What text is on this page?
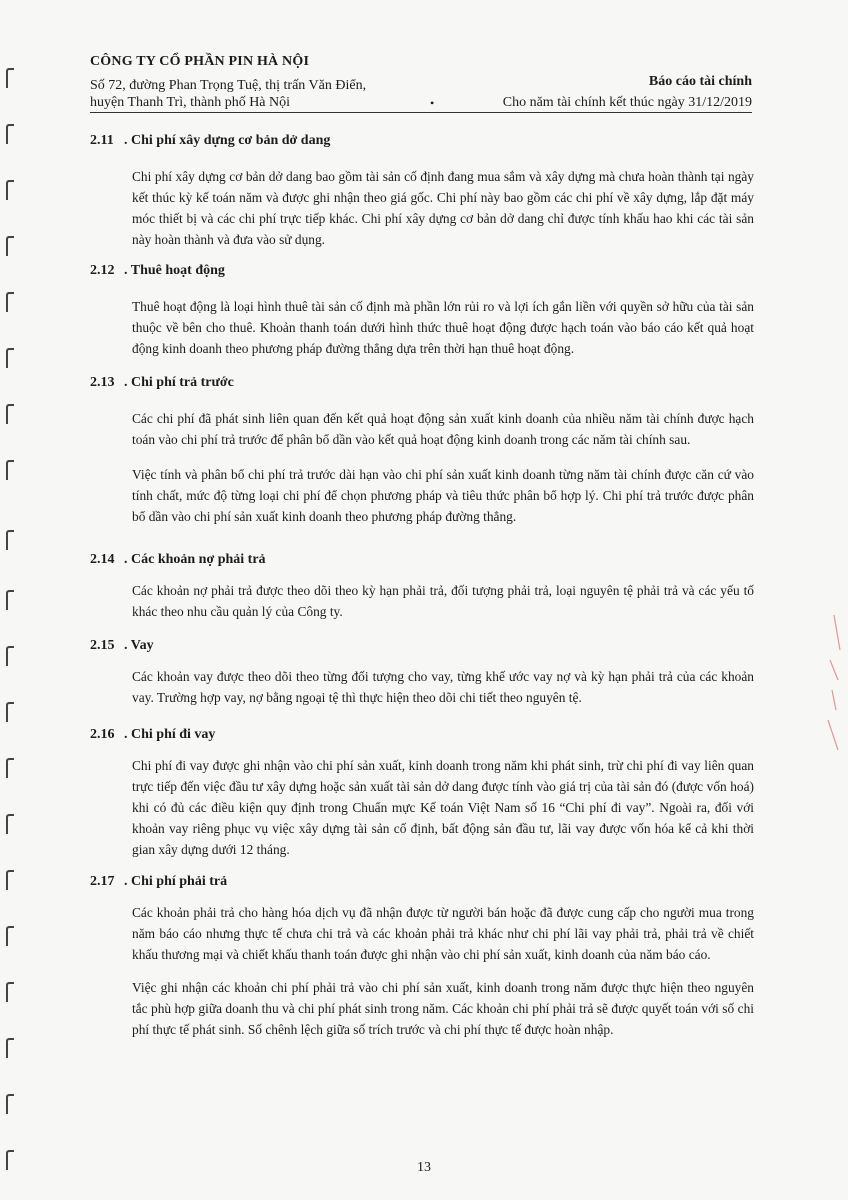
CÔNG TY CỔ PHẦN PIN HÀ NỘI
Số 72, đường Phan Trọng Tuệ, thị trấn Văn Điển,
huyện Thanh Trì, thành phố Hà Nội	•
Báo cáo tài chính
Cho năm tài chính kết thúc ngày 31/12/2019

2.11 . Chi phí xây dựng cơ bản dở dang

Chi phí xây dựng cơ bản dở dang bao gồm tài sản cố định đang mua sắm và xây dựng mà chưa hoàn thành tại ngày kết thúc kỳ kế toán năm và được ghi nhận theo giá gốc. Chi phí này bao gồm các chi phí về xây dựng, lắp đặt máy móc thiết bị và các chi phí trực tiếp khác. Chi phí xây dựng cơ bản dở dang chỉ được tính khấu hao khi các tài sản này hoàn thành và đưa vào sử dụng.

2.12 . Thuê hoạt động

Thuê hoạt động là loại hình thuê tài sản cố định mà phần lớn rủi ro và lợi ích gắn liền với quyền sở hữu của tài sản thuộc về bên cho thuê. Khoản thanh toán dưới hình thức thuê hoạt động được hạch toán vào báo cáo kết quả hoạt động kinh doanh theo phương pháp đường thẳng dựa trên thời hạn thuê hoạt động.

2.13 . Chi phí trả trước

Các chi phí đã phát sinh liên quan đến kết quả hoạt động sản xuất kinh doanh của nhiều năm tài chính được hạch toán vào chi phí trả trước để phân bổ dần vào kết quả hoạt động kinh doanh trong các năm tài chính sau.

Việc tính và phân bổ chi phí trả trước dài hạn vào chi phí sản xuất kinh doanh từng năm tài chính được căn cứ vào tính chất, mức độ từng loại chi phí để chọn phương pháp và tiêu thức phân bổ hợp lý. Chi phí trả trước được phân bổ dần vào chi phí sản xuất kinh doanh theo phương pháp đường thẳng.

2.14 . Các khoản nợ phải trả

Các khoản nợ phải trả được theo dõi theo kỳ hạn phải trả, đối tượng phải trả, loại nguyên tệ phải trả và các yếu tố khác theo nhu cầu quản lý của Công ty.

2.15 . Vay

Các khoản vay được theo dõi theo từng đối tượng cho vay, từng khế ước vay nợ và kỳ hạn phải trả của các khoản vay. Trường hợp vay, nợ bằng ngoại tệ thì thực hiện theo dõi chi tiết theo nguyên tệ.

2.16 . Chi phí đi vay

Chi phí đi vay được ghi nhận vào chi phí sản xuất, kinh doanh trong năm khi phát sinh, trừ chi phí đi vay liên quan trực tiếp đến việc đầu tư xây dựng hoặc sản xuất tài sản dở dang được tính vào giá trị của tài sản đó (được vốn hoá) khi có đủ các điều kiện quy định trong Chuẩn mực Kế toán Việt Nam số 16 “Chi phí đi vay”. Ngoài ra, đối với khoản vay riêng phục vụ việc xây dựng tài sản cố định, bất động sản đầu tư, lãi vay được vốn hóa kể cả khi thời gian xây dựng dưới 12 tháng.

2.17 . Chi phí phải trả

Các khoản phải trả cho hàng hóa dịch vụ đã nhận được từ người bán hoặc đã được cung cấp cho người mua trong năm báo cáo nhưng thực tế chưa chi trả và các khoản phải trả khác như chi phí lãi vay phải trả, phải trả về chiết khấu thương mại và chiết khấu thanh toán được ghi nhận vào chi phí sản xuất, kinh doanh của năm báo cáo.

Việc ghi nhận các khoản chi phí phải trả vào chi phí sản xuất, kinh doanh trong năm được thực hiện theo nguyên tắc phù hợp giữa doanh thu và chi phí phát sinh trong năm. Các khoản chi phí phải trả sẽ được quyết toán với số chi phí thực tế phát sinh. Số chênh lệch giữa số trích trước và chi phí thực tế được hoàn nhập.

13
